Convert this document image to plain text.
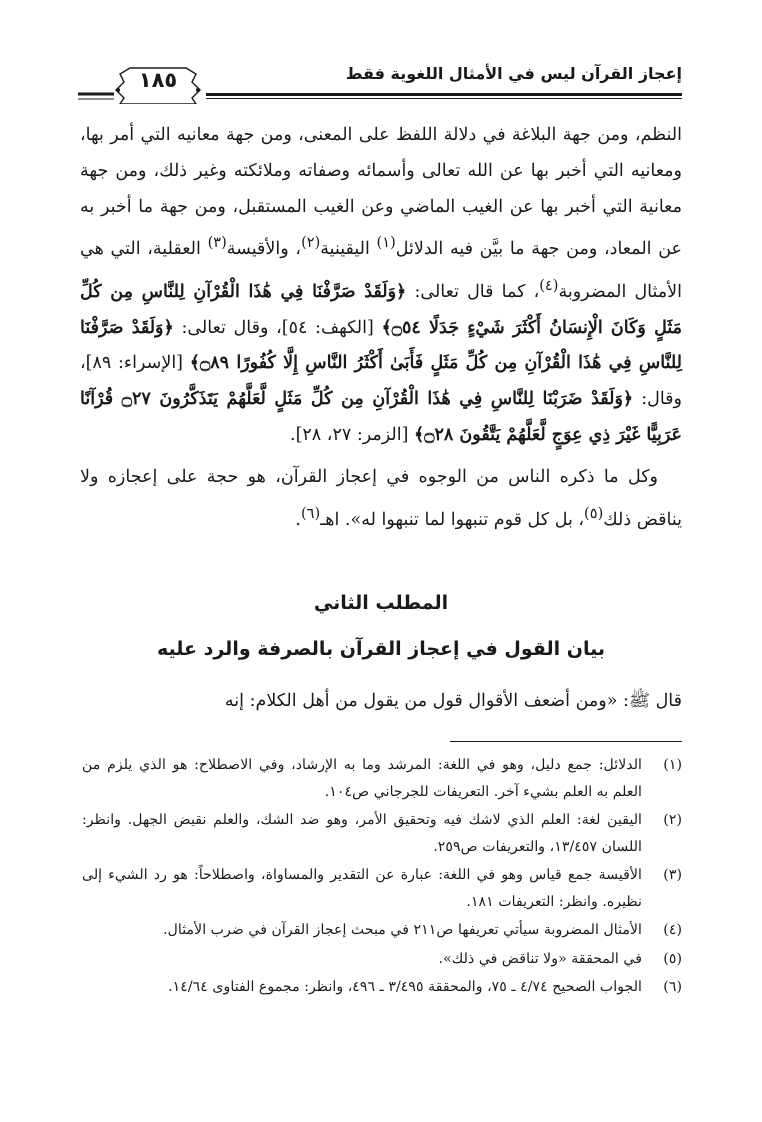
١٨٥	إعجاز القرآن ليس في الأمثال اللغوية فقط

النظم، ومن جهة البلاغة في دلالة اللفظ على المعنى، ومن جهة معانيه التي أمر بها، ومعانيه التي أخبر بها عن الله تعالى وأسمائه وصفاته وملائكته وغير ذلك، ومن جهة معانية التي أخبر بها عن الغيب الماضي وعن الغيب المستقبل، ومن جهة ما أخبر به عن المعاد، ومن جهة ما بيَّن فيه الدلائل$^{(١)}$ اليقينية$^{(٢)}$، والأقيسة$^{(٣)}$ العقلية، التي هي الأمثال المضروبة$^{(٤)}$، كما قال تعالى: ﴿وَلَقَدْ صَرَّفْنَا فِي هَٰذَا الْقُرْآنِ لِلنَّاسِ مِن كُلِّ مَثَلٍ وَكَانَ الْإِنسَانُ أَكْثَرَ شَيْءٍ جَدَلًا ۝٥٤﴾ [الكهف: ٥٤]، وقال تعالى: ﴿وَلَقَدْ صَرَّفْنَا لِلنَّاسِ فِي هَٰذَا الْقُرْآنِ مِن كُلِّ مَثَلٍ فَأَبَىٰ أَكْثَرُ النَّاسِ إِلَّا كُفُورًا ۝٨٩﴾ [الإسراء: ٨٩]، وقال: ﴿وَلَقَدْ ضَرَبْنَا لِلنَّاسِ فِي هَٰذَا الْقُرْآنِ مِن كُلِّ مَثَلٍ لَّعَلَّهُمْ يَتَذَكَّرُونَ ۝٢٧ قُرْآنًا عَرَبِيًّا غَيْرَ ذِي عِوَجٍ لَّعَلَّهُمْ يَتَّقُونَ ۝٢٨﴾ [الزمر: ٢٧، ٢٨].

وكل ما ذكره الناس من الوجوه في إعجاز القرآن، هو حجة على إعجازه ولا يناقض ذلك$^{(٥)}$، بل كل قوم تنبهوا لما تنبهوا له». اهـ$^{(٦)}$.

المطلب الثاني
بيان القول في إعجاز القرآن بالصرفة والرد عليه
قال ﷺ: «ومن أضعف الأقوال قول من يقول من أهل الكلام: إنه
(١)
الدلائل: جمع دليل، وهو في اللغة: المرشد وما به الإرشاد، وفي الاصطلاح: هو الذي يلزم من العلم به العلم بشيء آخر. التعريفات للجرجاني ص١٠٤.
(٢)
اليقين لغة: العلم الذي لاشك فيه وتحقيق الأمر، وهو ضد الشك، والعلم نقيض الجهل. وانظر: اللسان ١٣/٤٥٧، والتعريفات ص٢٥٩.
(٣)
الأقيسة جمع قياس وهو في اللغة: عبارة عن التقدير والمساواة، واصطلاحاً: هو رد الشيء إلى نظيره. وانظر: التعريفات ١٨١.
(٤)
الأمثال المضروبة سيأتي تعريفها ص٢١١ في مبحث إعجاز القرآن في ضرب الأمثال.
(٥)
في المحققة «ولا تناقض في ذلك».
(٦)
الجواب الصحيح ٤/٧٤ ـ ٧٥، والمحققة ٣/٤٩٥ ـ ٤٩٦، وانظر: مجموع الفتاوى ١٤/٦٤.
